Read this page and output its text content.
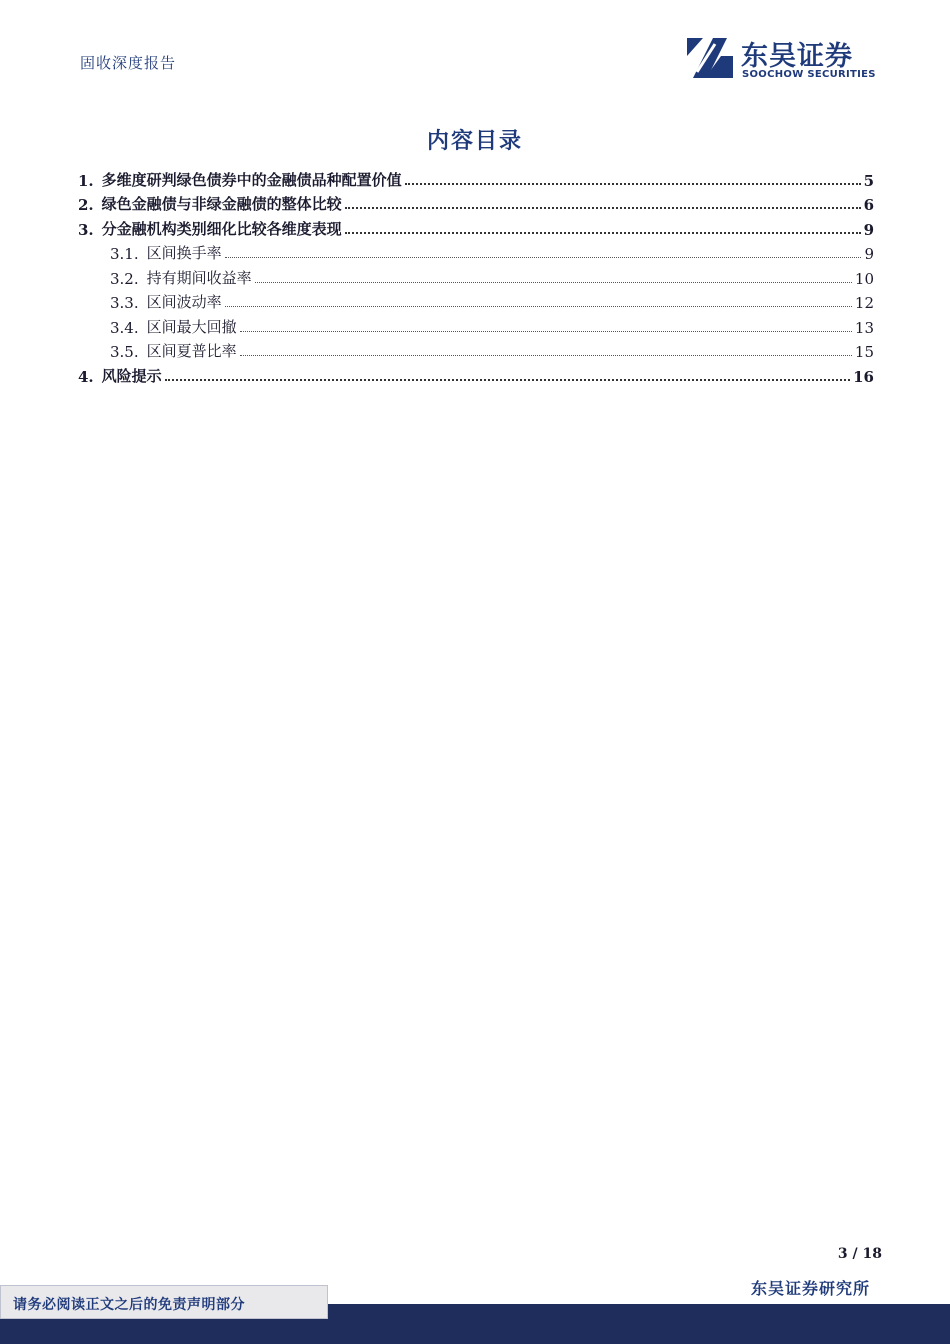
固收深度报告	东吴证券
SOOCHOW SECURITIES
内容目录
1. 多维度研判绿色债券中的金融债品种配置价值	5
2. 绿色金融债与非绿金融债的整体比较	6
3. 分金融机构类别细化比较各维度表现	9
3.1. 区间换手率	9
3.2. 持有期间收益率	10
3.3. 区间波动率	12
3.4. 区间最大回撤	13
3.5. 区间夏普比率	15
4. 风险提示	16
3 / 18
东吴证券研究所
请务必阅读正文之后的免责声明部分
